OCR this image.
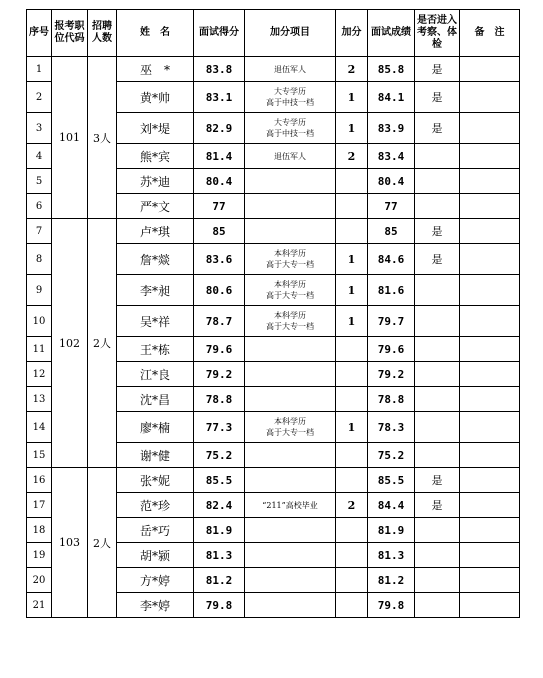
序号	报考职位代码	招聘人数	姓　名	面试得分	加分项目	加分	面试成绩	是否进入考察、体检	备　注
1	101	3人	巫　*	83.8	退伍军人	2	85.8	是	
2			黄*帅	83.1	大专学历
高于中技一档	1	84.1	是	
3			刘*堤	82.9	大专学历
高于中技一档	1	83.9	是	
4			熊*宾	81.4	退伍军人	2	83.4		
5			苏*迪	80.4			80.4		
6			严*文	77			77		
7	102	2人	卢*琪	85			85	是	
8			詹*燚	83.6	本科学历
高于大专一档	1	84.6	是	
9			李*昶	80.6	本科学历
高于大专一档	1	81.6		
10			吴*祥	78.7	本科学历
高于大专一档	1	79.7		
11			王*栋	79.6			79.6		
12			江*良	79.2			79.2		
13			沈*昌	78.8			78.8		
14			廖*楠	77.3	本科学历
高于大专一档	1	78.3		
15			谢*健	75.2			75.2		
16	103	2人	张*妮	85.5			85.5	是	
17			范*珍	82.4	“211”高校毕业	2	84.4	是	
18			岳*巧	81.9			81.9		
19			胡*颍	81.3			81.3		
20			方*婷	81.2			81.2		
21			李*婷	79.8			79.8		
